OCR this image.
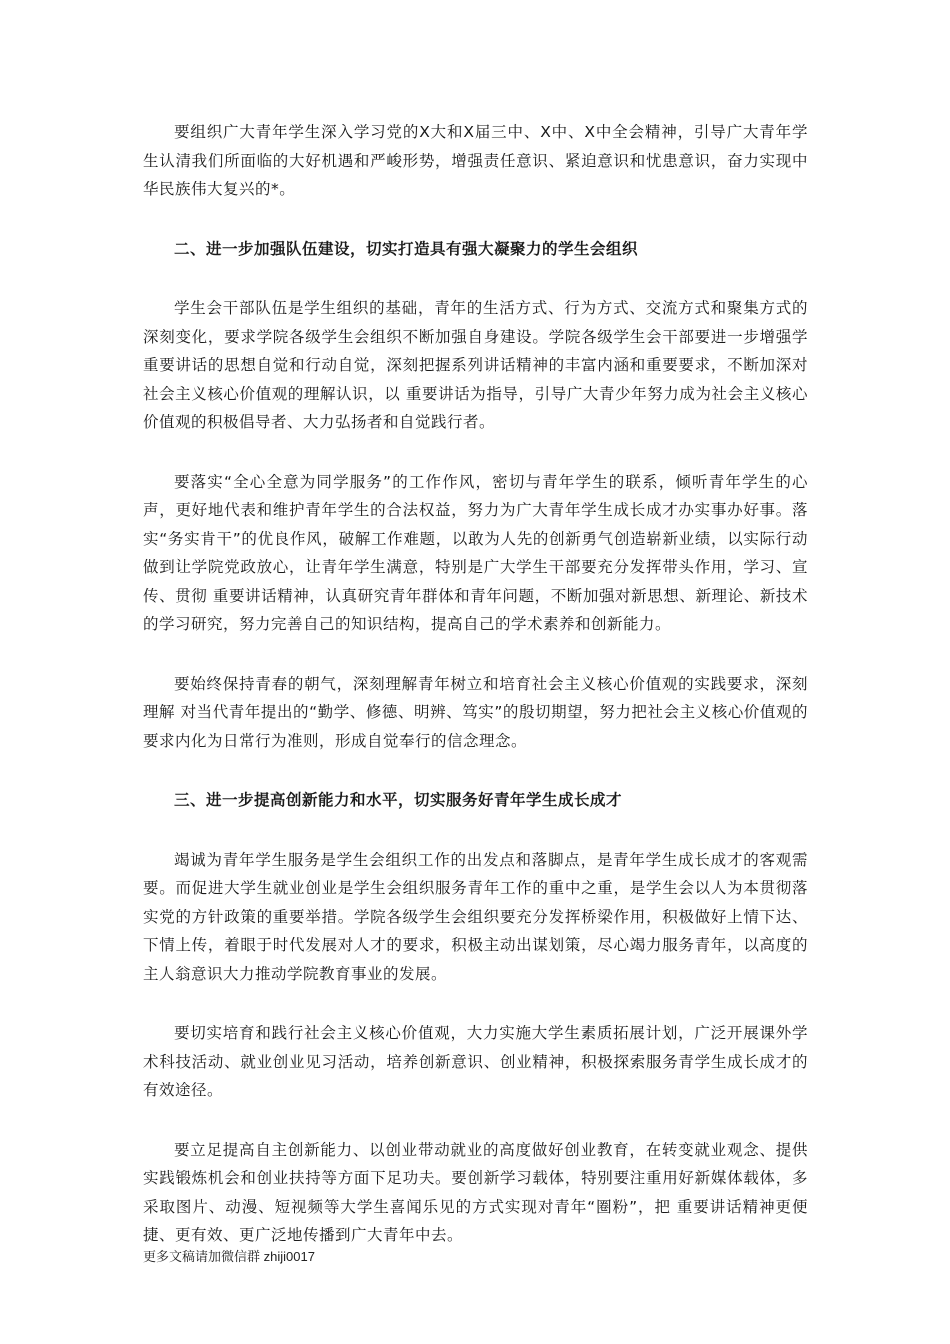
要组织广大青年学生深入学习党的X大和X届三中、X中、X中全会精神，引导广大青年学生认清我们所面临的大好机遇和严峻形势，增强责任意识、紧迫意识和忧患意识，奋力实现中华民族伟大复兴的*。

二、进一步加强队伍建设，切实打造具有强大凝聚力的学生会组织

学生会干部队伍是学生组织的基础，青年的生活方式、行为方式、交流方式和聚集方式的深刻变化，要求学院各级学生会组织不断加强自身建设。学院各级学生会干部要进一步增强学 重要讲话的思想自觉和行动自觉，深刻把握系列讲话精神的丰富内涵和重要要求，不断加深对社会主义核心价值观的理解认识，以 重要讲话为指导，引导广大青少年努力成为社会主义核心价值观的积极倡导者、大力弘扬者和自觉践行者。

要落实“全心全意为同学服务”的工作作风，密切与青年学生的联系，倾听青年学生的心声，更好地代表和维护青年学生的合法权益，努力为广大青年学生成长成才办实事办好事。落实“务实肯干”的优良作风，破解工作难题，以敢为人先的创新勇气创造崭新业绩，以实际行动做到让学院党政放心，让青年学生满意，特别是广大学生干部要充分发挥带头作用，学习、宣传、贯彻 重要讲话精神，认真研究青年群体和青年问题，不断加强对新思想、新理论、新技术的学习研究，努力完善自己的知识结构，提高自己的学术素养和创新能力。

要始终保持青春的朝气，深刻理解青年树立和培育社会主义核心价值观的实践要求，深刻理解 对当代青年提出的“勤学、修德、明辨、笃实”的殷切期望，努力把社会主义核心价值观的要求内化为日常行为准则，形成自觉奉行的信念理念。

三、进一步提高创新能力和水平，切实服务好青年学生成长成才

竭诚为青年学生服务是学生会组织工作的出发点和落脚点，是青年学生成长成才的客观需要。而促进大学生就业创业是学生会组织服务青年工作的重中之重，是学生会以人为本贯彻落实党的方针政策的重要举措。学院各级学生会组织要充分发挥桥梁作用，积极做好上情下达、下情上传，着眼于时代发展对人才的要求，积极主动出谋划策，尽心竭力服务青年，以高度的主人翁意识大力推动学院教育事业的发展。

要切实培育和践行社会主义核心价值观，大力实施大学生素质拓展计划，广泛开展课外学术科技活动、就业创业见习活动，培养创新意识、创业精神，积极探索服务青学生成长成才的有效途径。

要立足提高自主创新能力、以创业带动就业的高度做好创业教育，在转变就业观念、提供实践锻炼机会和创业扶持等方面下足功夫。要创新学习载体，特别要注重用好新媒体载体，多采取图片、动漫、短视频等大学生喜闻乐见的方式实现对青年“圈粉”，把 重要讲话精神更便捷、更有效、更广泛地传播到广大青年中去。

更多文稿请加微信群 zhiji0017
